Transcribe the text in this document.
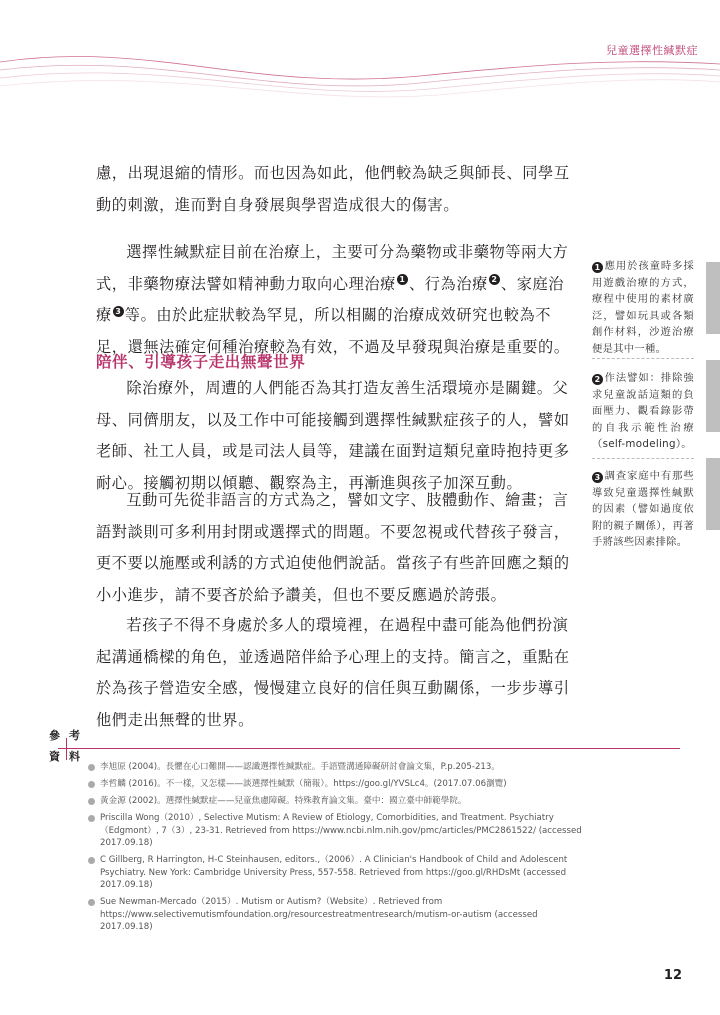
兒童選擇性緘默症

慮，出現退縮的情形。而也因為如此，他們較為缺乏與師長、同學互動的刺激，進而對自身發展與學習造成很大的傷害。

選擇性緘默症目前在治療上，主要可分為藥物或非藥物等兩大方式，非藥物療法譬如精神動力取向心理治療 1 、行為治療 2 、家庭治療 3 等。由於此症狀較為罕見，所以相關的治療成效研究也較為不足，還無法確定何種治療較為有效，不過及早發現與治療是重要的。

陪伴、引導孩子走出無聲世界

除治療外，周遭的人們能否為其打造友善生活環境亦是關鍵。父母、同儕朋友，以及工作中可能接觸到選擇性緘默症孩子的人，譬如老師、社工人員，或是司法人員等，建議在面對這類兒童時抱持更多耐心。接觸初期以傾聽、觀察為主，再漸進與孩子加深互動。

互動可先從非語言的方式為之，譬如文字、肢體動作、繪畫；言語對談則可多利用封閉或選擇式的問題。不要忽視或代替孩子發言，更不要以施壓或利誘的方式迫使他們說話。當孩子有些許回應之類的小小進步，請不要吝於給予讚美，但也不要反應過於誇張。

若孩子不得不身處於多人的環境裡，在過程中盡可能為他們扮演起溝通橋樑的角色，並透過陪伴給予心理上的支持。簡言之，重點在於為孩子營造安全感，慢慢建立良好的信任與互動關係，一步步導引他們走出無聲的世界。

1 應用於孩童時多採用遊戲治療的方式，療程中使用的素材廣泛，譬如玩具或各類創作材料，沙遊治療便是其中一種。
2 作法譬如：排除強求兒童說話這類的負面壓力、觀看錄影帶的自我示範性治療（self-modeling）。
3 調查家庭中有那些導致兒童選擇性緘默的因素（譬如過度依附的親子關係），再著手將該些因素排除。
參 考
資 料
李旭原 (2004)。長懼在心口難開——認識選擇性緘默症。手語暨溝通障礙研討會論文集，P.p.205-213。
李哲麟 (2016)。不一樣，又怎樣——談選擇性緘默（簡報）。https://goo.gl/YVSLc4。(2017.07.06瀏覽)
黃金源 (2002)。選擇性緘默症——兒童焦慮障礙。特殊教育論文集。臺中：國立臺中師範學院。
Priscilla Wong（2010）, Selective Mutism: A Review of Etiology, Comorbidities, and Treatment. Psychiatry（Edgmont）, 7（3）, 23-31. Retrieved from https://www.ncbi.nlm.nih.gov/pmc/articles/PMC2861522/ (accessed 2017.09.18)
C Gillberg, R Harrington, H-C Steinhausen, editors.,（2006）. A Clinician's Handbook of Child and Adolescent Psychiatry. New York: Cambridge University Press, 557-558. Retrieved from https://goo.gl/RHDsMt (accessed 2017.09.18)
Sue Newman-Mercado（2015）. Mutism or Autism?（Website）. Retrieved from https://www.selectivemutismfoundation.org/resourcestreatmentresearch/mutism-or-autism (accessed 2017.09.18)
12
